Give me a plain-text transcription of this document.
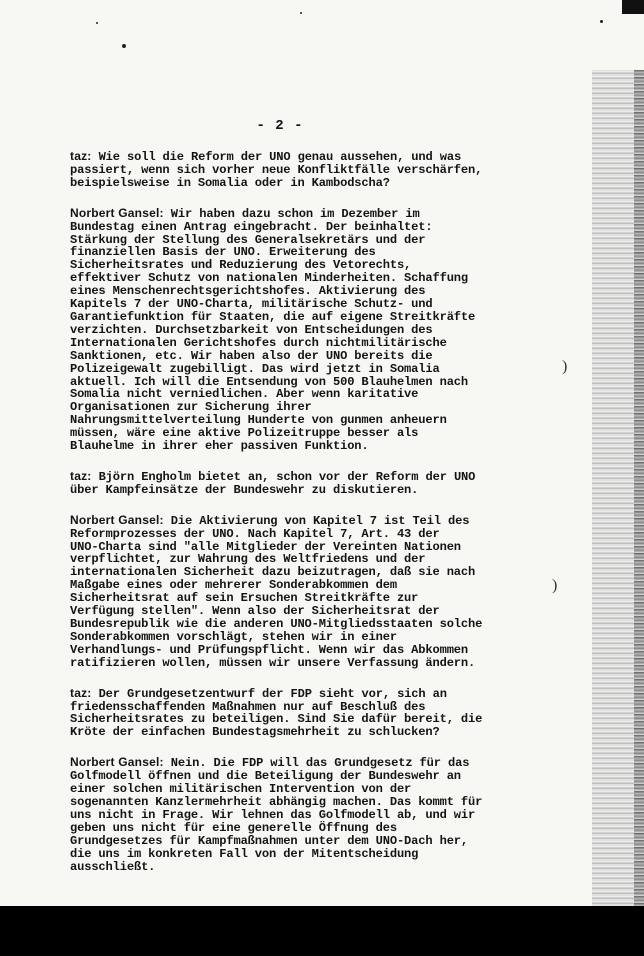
)
)
- 2 -
taz: Wie soll die Reform der UNO genau aussehen, und was
passiert, wenn sich vorher neue Konfliktfälle verschärfen,
beispielsweise in Somalia oder in Kambodscha?
Norbert Gansel: Wir haben dazu schon im Dezember im
Bundestag einen Antrag eingebracht. Der beinhaltet:
Stärkung der Stellung des Generalsekretärs und der
finanziellen Basis der UNO. Erweiterung des
Sicherheitsrates und Reduzierung des Vetorechts,
effektiver Schutz von nationalen Minderheiten. Schaffung
eines Menschenrechtsgerichtshofes. Aktivierung des
Kapitels 7 der UNO-Charta, militärische Schutz- und
Garantiefunktion für Staaten, die auf eigene Streitkräfte
verzichten. Durchsetzbarkeit von Entscheidungen des
Internationalen Gerichtshofes durch nichtmilitärische
Sanktionen, etc. Wir haben also der UNO bereits die
Polizeigewalt zugebilligt. Das wird jetzt in Somalia
aktuell. Ich will die Entsendung von 500 Blauhelmen nach
Somalia nicht verniedlichen. Aber wenn karitative
Organisationen zur Sicherung ihrer
Nahrungsmittelverteilung Hunderte von gunmen anheuern
müssen, wäre eine aktive Polizeitruppe besser als
Blauhelme in ihrer eher passiven Funktion.
taz: Björn Engholm bietet an, schon vor der Reform der UNO
über Kampfeinsätze der Bundeswehr zu diskutieren.
Norbert Gansel: Die Aktivierung von Kapitel 7 ist Teil des
Reformprozesses der UNO. Nach Kapitel 7, Art. 43 der
UNO-Charta sind "alle Mitglieder der Vereinten Nationen
verpflichtet, zur Wahrung des Weltfriedens und der
internationalen Sicherheit dazu beizutragen, daß sie nach
Maßgabe eines oder mehrerer Sonderabkommen dem
Sicherheitsrat auf sein Ersuchen Streitkräfte zur
Verfügung stellen". Wenn also der Sicherheitsrat der
Bundesrepublik wie die anderen UNO-Mitgliedsstaaten solche
Sonderabkommen vorschlägt, stehen wir in einer
Verhandlungs- und Prüfungspflicht. Wenn wir das Abkommen
ratifizieren wollen, müssen wir unsere Verfassung ändern.
taz: Der Grundgesetzentwurf der FDP sieht vor, sich an
friedensschaffenden Maßnahmen nur auf Beschluß des
Sicherheitsrates zu beteiligen. Sind Sie dafür bereit, die
Kröte der einfachen Bundestagsmehrheit zu schlucken?
Norbert Gansel: Nein. Die FDP will das Grundgesetz für das
Golfmodell öffnen und die Beteiligung der Bundeswehr an
einer solchen militärischen Intervention von der
sogenannten Kanzlermehrheit abhängig machen. Das kommt für
uns nicht in Frage. Wir lehnen das Golfmodell ab, und wir
geben uns nicht für eine generelle Öffnung des
Grundgesetzes für Kampfmaßnahmen unter dem UNO-Dach her,
die uns im konkreten Fall von der Mitentscheidung
ausschließt.
